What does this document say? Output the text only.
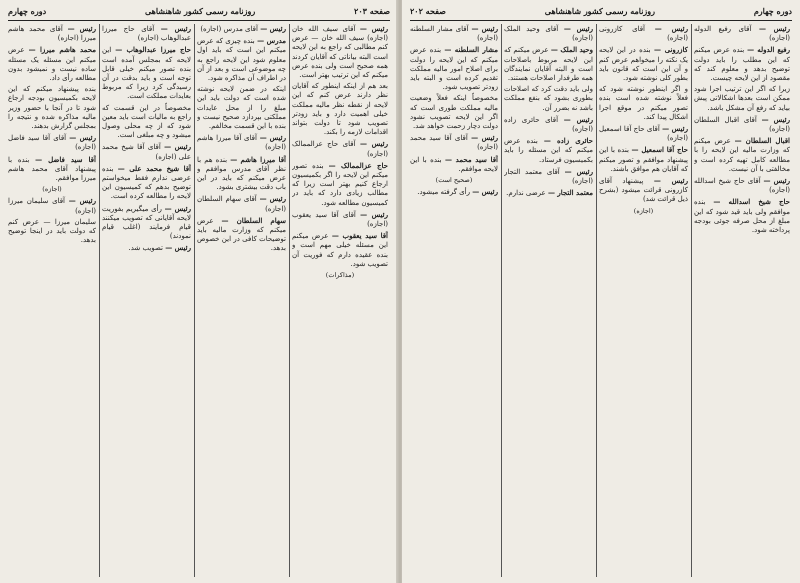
صفحه ۲۰۳
روزنامه رسمی کشور شاهنشاهی
دوره چهارم

رئيس — آقای محمد هاشم میرزا (اجازه)

محمد هاشم میرزا — عرض میکنم این مسئله یک مسئله ساده نیست و نمیشود بدون مطالعه رأی داد.

بنده پیشنهاد میکنم که این لایحه بکمیسیون بودجه ارجاع شود تا در آنجا با حضور وزیر مالیه مذاکره شده و نتیجه را بمجلس گزارش بدهند.

رئيس — آقای آقا سید فاضل (اجازه)

آقا سید فاضل — بنده با پیشنهاد آقای محمد هاشم میرزا موافقم.

(اجازه)

رئيس — آقای سلیمان میرزا (اجازه)

سلیمان میرزا — عرض کنم که دولت باید در اینجا توضیح بدهد.

رئيس — آقای حاج میرزا عبدالوهاب (اجازه)

حاج میرزا عبدالوهاب — این لایحه که بمجلس آمده است بنده تصور میکنم خیلی قابل توجه است و باید بدقت در آن رسیدگی کرد زیرا که مربوط بعایدات مملکت است.

مخصوصاً در این قسمت که راجع به مالیات است باید معین شود که از چه محلی وصول میشود و چه مبلغی است.

رئيس — آقای آقا شیخ محمد علی (اجازه)

آقا شیخ محمد علی — بنده عرضی ندارم فقط میخواستم توضیح بدهم که کمیسیون این لایحه را مطالعه کرده است.

رئيس — رأی میگیریم بفوریت لایحه آقایانی که تصویب میکنند قیام فرمایند (اغلب قیام نمودند)

رئيس — تصویب شد.

رئيس — آقای مدرس (اجازه)

مدرس — بنده چیزی که عرض میکنم این است که باید اول معلوم شود این لایحه راجع به چه موضوعی است و بعد از آن در اطراف آن مذاکره شود.

اینکه در ضمن لایحه نوشته شده است که دولت باید این مبلغ را از محل عایدات مملکتی بپردازد صحیح نیست و بنده با این قسمت مخالفم.

رئيس — آقای آقا میرزا هاشم (اجازه)

آقا میرزا هاشم — بنده هم با نظر آقای مدرس موافقم و عرض میکنم که باید در این باب دقت بیشتری بشود.

رئيس — آقای سهام السلطان (اجازه)

سهام السلطان — عرض میکنم که وزارت مالیه باید توضیحات کافی در این خصوص بدهد.

رئيس — آقای سیف الله خان (اجازه) سیف الله خان — عرض کنم مطالبی که راجع به این لایحه است البته بیاناتی که آقایان کردند همه صحیح است ولی بنده عرض میکنم که این ترتیب بهتر است.

بعد هم از اینکه اینطور که آقایان نظر دارند عرض کنم که این لایحه از نقطه نظر مالیه مملکت خیلی اهمیت دارد و باید زودتر تصویب شود تا دولت بتواند اقدامات لازمه را بکند.

رئيس — آقای حاج عزالممالک (اجازه)

حاج عزالممالک — بنده تصور میکنم این لایحه را اگر بکمیسیون ارجاع کنیم بهتر است زیرا که مطالب زیادی دارد که باید در کمیسیون مطالعه شود.

رئيس — آقای آقا سید یعقوب (اجازه)

آقا سید یعقوب — عرض میکنم این مسئله خیلی مهم است و بنده عقیده دارم که فوریت آن تصویب شود.

(مذاکرات)

دوره چهارم
روزنامه رسمی کشور شاهنشاهی
صفحه ۲۰۲

رئيس — آقای مشار السلطنه (اجازه)

مشار السلطنه — بنده عرض میکنم که این لایحه را دولت برای اصلاح امور مالیه مملکت تقدیم کرده است و البته باید زودتر تصویب شود.

مخصوصاً اینکه فعلاً وضعیت مالیه مملکت طوری است که اگر این لایحه تصویب نشود دولت دچار زحمت خواهد شد.

رئيس — آقای آقا سید محمد (اجازه)

آقا سید محمد — بنده با این لایحه موافقم.

(صحیح است)

رئيس — رأی گرفته میشود.

رئيس — آقای وحید الملک (اجازه)

وحید الملک — عرض میکنم که این لایحه مربوط باصلاحات است و البته آقایان نمایندگان همه طرفدار اصلاحات هستند.

ولی باید دقت کرد که اصلاحات بطوری بشود که بنفع مملکت باشد نه بضرر آن.

رئيس — آقای حائری زاده (اجازه)

حائری زاده — بنده عرض میکنم که این مسئله را باید بکمیسیون فرستاد.

رئيس — آقای معتمد التجار (اجازه)

معتمد التجار — عرضی ندارم.

رئيس — آقای کازرونی (اجازه)

کازرونی — بنده در این لایحه یک نکته را میخواهم عرض کنم و آن این است که قانون باید بطور کلی نوشته شود.

و اگر اینطور نوشته شود که فعلاً نوشته شده است بنده تصور میکنم در موقع اجرا اشکال پیدا کند.

رئيس — آقای حاج آقا اسمعیل (اجازه)

حاج آقا اسمعیل — بنده با این پیشنهاد موافقم و تصور میکنم که آقایان هم موافق باشند.

رئيس — پیشنهاد آقای کازرونی قرائت میشود (بشرح ذیل قرائت شد)

(اجازه)

رئيس — آقای رفیع الدوله (اجازه)

رفیع الدوله — بنده عرض میکنم که این مطلب را باید دولت توضیح بدهد و معلوم کند که مقصود از این لایحه چیست.

زیرا که اگر این ترتیب اجرا شود ممکن است بعدها اشکالاتی پیش بیاید که رفع آن مشکل باشد.

رئيس — آقای اقبال السلطان (اجازه)

اقبال السلطان — عرض میکنم که وزارت مالیه این لایحه را با مطالعه کامل تهیه کرده است و مخالفتی با آن نیست.

رئيس — آقای حاج شیخ اسدالله (اجازه)

حاج شیخ اسدالله — بنده موافقم ولی باید قید شود که این مبلغ از محل صرفه جوئی بودجه پرداخته شود.
